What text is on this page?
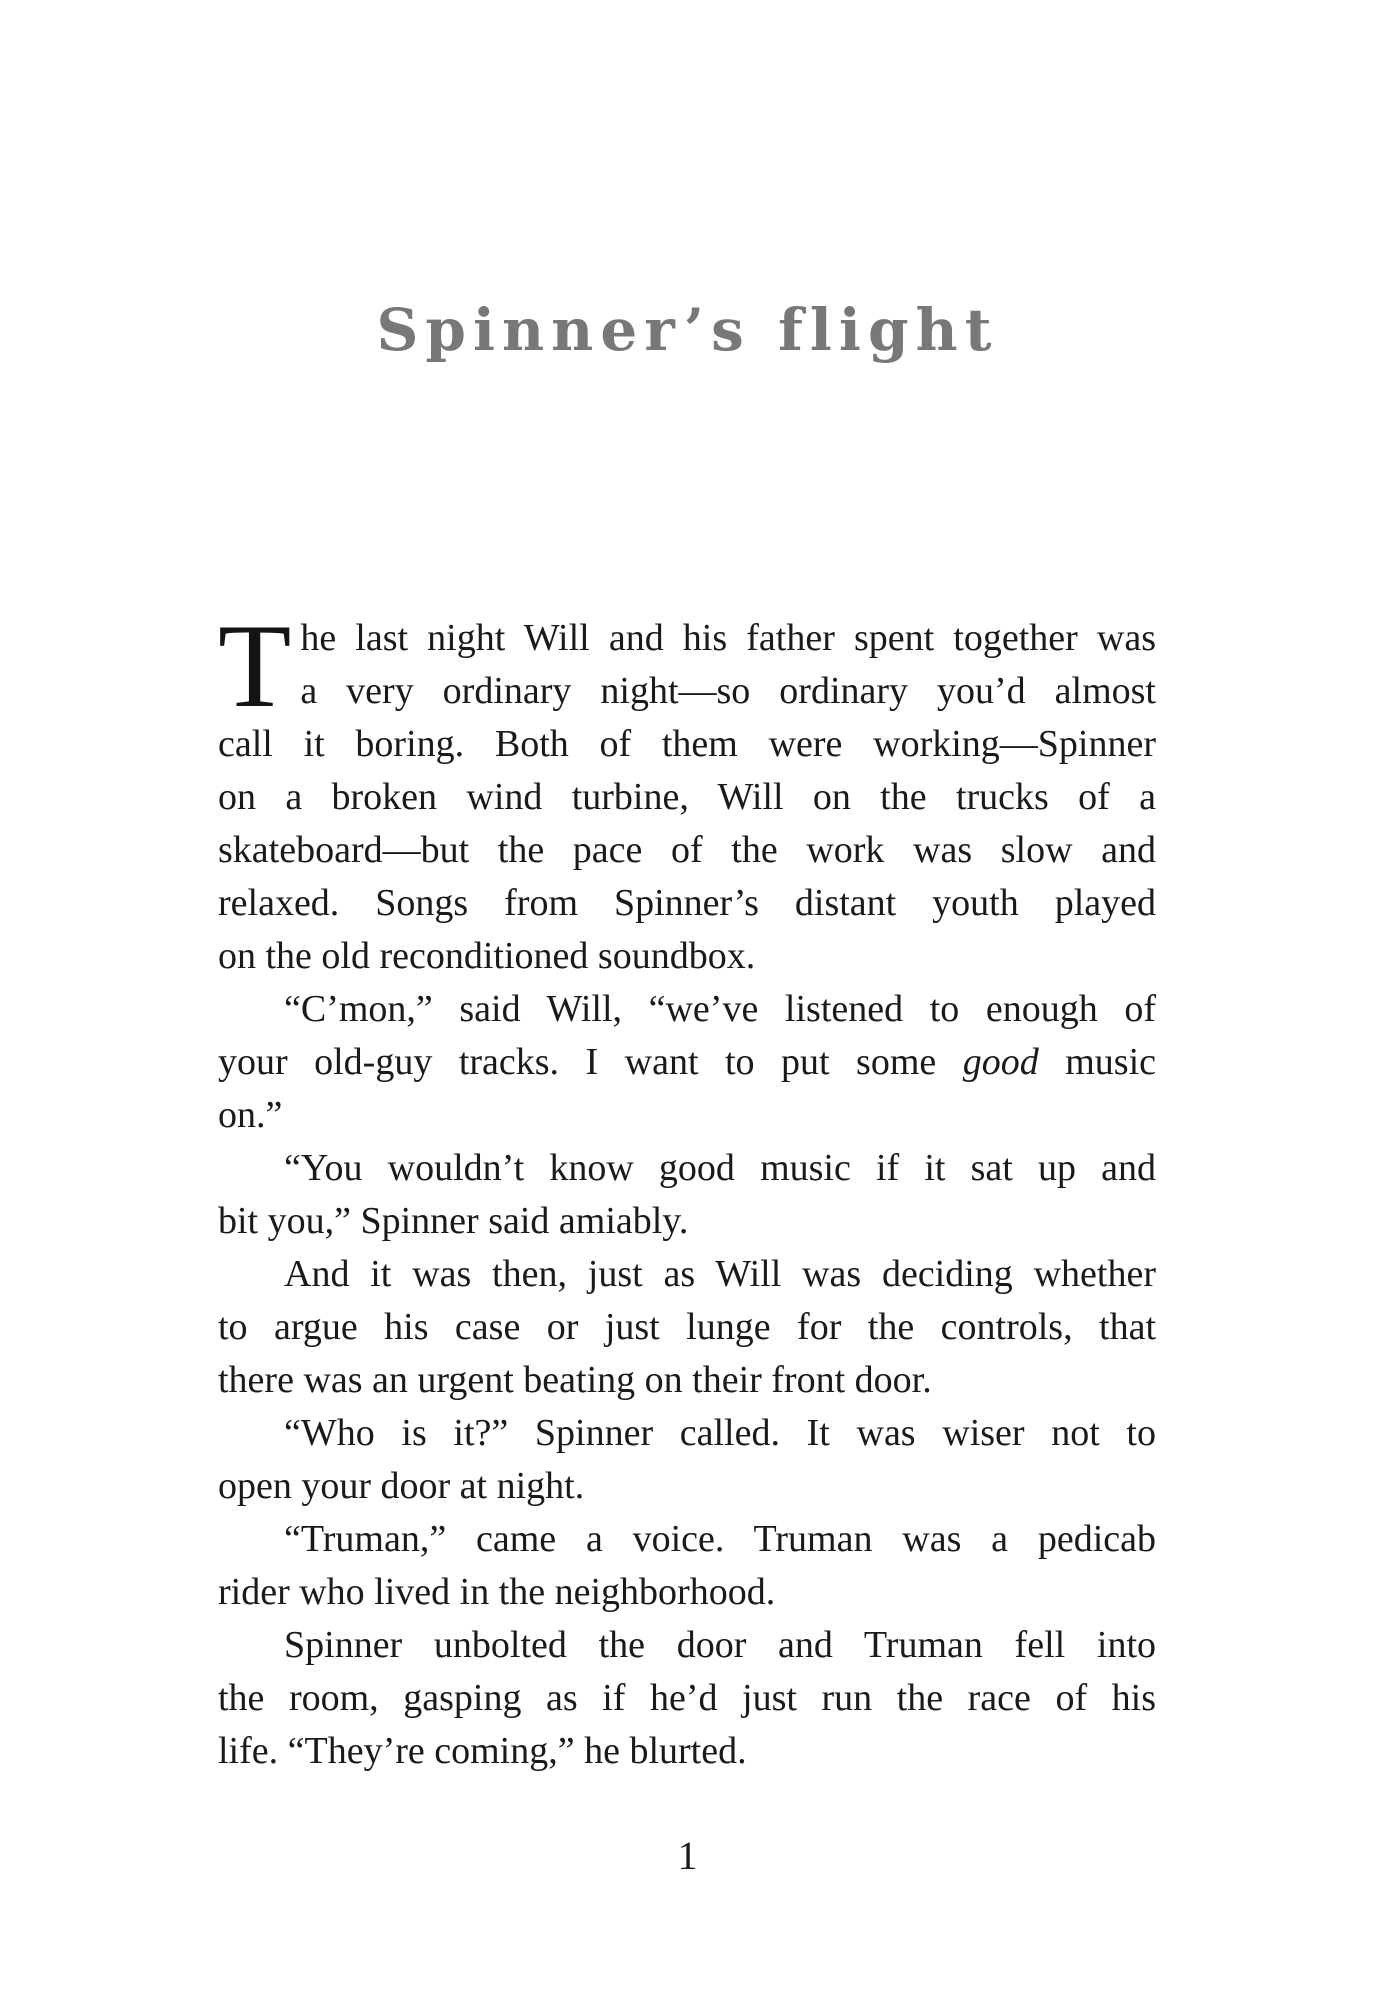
Spinner’s flight
T he last night Will and his father spent together was
a very ordinary night—so ordinary you’d almost
call it boring. Both of them were working—Spinner
on a broken wind turbine, Will on the trucks of a
skateboard—but the pace of the work was slow and
relaxed. Songs from Spinner’s distant youth played
on the old reconditioned soundbox.
“C’mon,” said Will, “we’ve listened to enough of
your old-guy tracks. I want to put some good music
on.”
“You wouldn’t know good music if it sat up and
bit you,” Spinner said amiably.
And it was then, just as Will was deciding whether
to argue his case or just lunge for the controls, that
there was an urgent beating on their front door.
“Who is it?” Spinner called. It was wiser not to
open your door at night.
“Truman,” came a voice. Truman was a pedicab
rider who lived in the neighborhood.
Spinner unbolted the door and Truman fell into
the room, gasping as if he’d just run the race of his
life. “They’re coming,” he blurted.
1
